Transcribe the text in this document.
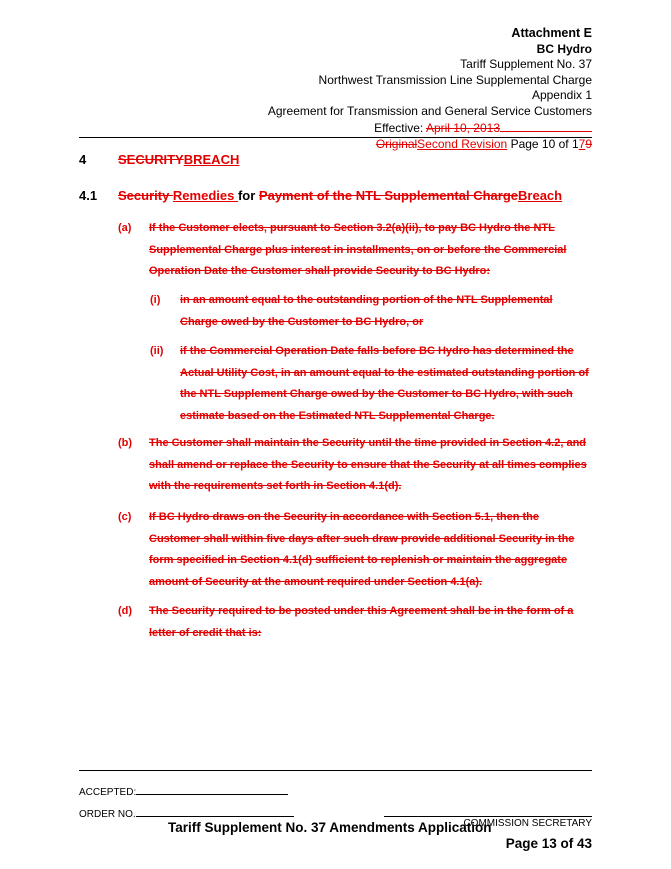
Attachment E
BC Hydro
Tariff Supplement No. 37
Northwest Transmission Line Supplemental Charge
Appendix 1
Agreement for Transmission and General Service Customers
Effective: April 10, 2013
OriginalSecond Revision Page 10 of 179
4 SECURITYBREACH
4.1 Security Remedies for Payment of the NTL Supplemental ChargeBreach
(a)	If the Customer elects, pursuant to Section 3.2(a)(ii), to pay BC Hydro the NTL Supplemental Charge plus interest in installments, on or before the Commercial Operation Date the Customer shall provide Security to BC Hydro:
(i)	in an amount equal to the outstanding portion of the NTL Supplemental Charge owed by the Customer to BC Hydro, or
(ii)	if the Commercial Operation Date falls before BC Hydro has determined the Actual Utility Cost, in an amount equal to the estimated outstanding portion of the NTL Supplement Charge owed by the Customer to BC Hydro, with such estimate based on the Estimated NTL Supplemental Charge.
(b)	The Customer shall maintain the Security until the time provided in Section 4.2, and shall amend or replace the Security to ensure that the Security at all times complies with the requirements set forth in Section 4.1(d).
(c)	If BC Hydro draws on the Security in accordance with Section 5.1, then the Customer shall within five days after such draw provide additional Security in the form specified in Section 4.1(d) sufficient to replenish or maintain the aggregate amount of Security at the amount required under Section 4.1(a).
(d)	The Security required to be posted under this Agreement shall be in the form of a letter of credit that is:
ACCEPTED:
ORDER NO.
COMMISSION SECRETARY
Tariff Supplement No. 37 Amendments Application
Page 13 of 43
